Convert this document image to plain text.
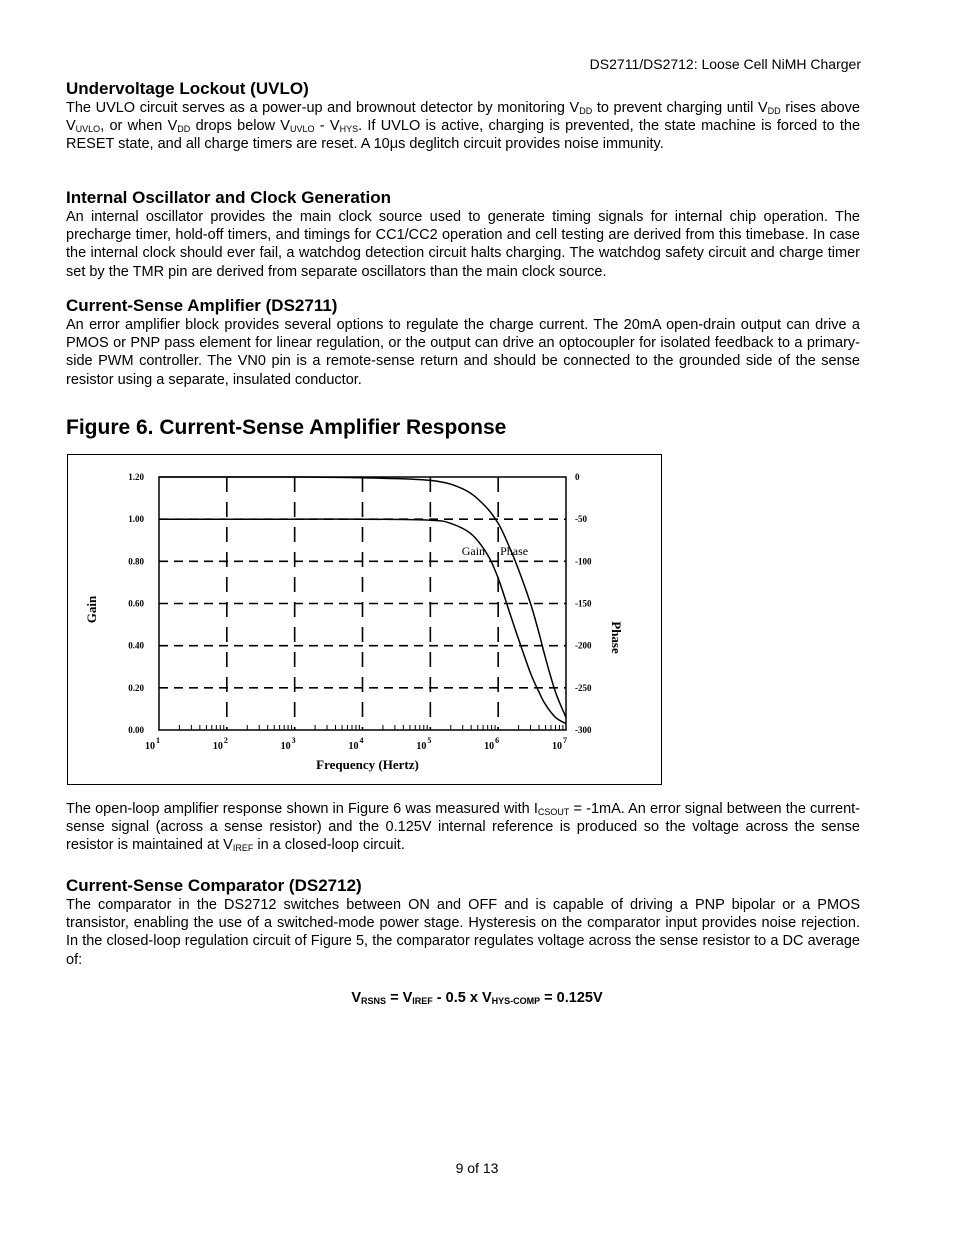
DS2711/DS2712: Loose Cell NiMH Charger
Undervoltage Lockout (UVLO)

The UVLO circuit serves as a power-up and brownout detector by monitoring $V_{DD}$ to prevent charging until $V_{DD}$ rises above $V_{UVLO}$, or when $V_{DD}$ drops below $V_{UVLO} - V_{HYS}$. If UVLO is active, charging is prevented, the state machine is forced to the RESET state, and all charge timers are reset. A 10μs deglitch circuit provides noise immunity.

Internal Oscillator and Clock Generation

An internal oscillator provides the main clock source used to generate timing signals for internal chip operation. The precharge timer, hold-off timers, and timings for CC1/CC2 operation and cell testing are derived from this timebase. In case the internal clock should ever fail, a watchdog detection circuit halts charging. The watchdog safety circuit and charge timer set by the TMR pin are derived from separate oscillators than the main clock source.

Current-Sense Amplifier (DS2711)

An error amplifier block provides several options to regulate the charge current. The 20mA open-drain output can drive a PMOS or PNP pass element for linear regulation, or the output can drive an optocoupler for isolated feedback to a primary-side PWM controller. The VN0 pin is a remote-sense return and should be connected to the grounded side of the sense resistor using a separate, insulated conductor.

Figure 6. Current-Sense Amplifier Response
10
1
10
2
10
3
10
4
10
5
10
6
10
7
0.00
0.20
0.40
0.60
0.80
1.00
1.20
-300
-250
-200
-150
-100
-50
0
Frequency (Hertz)
Gain
Phase
Gain Phase

The open-loop amplifier response shown in Figure 6 was measured with $I_{CSOUT} = -1mA$. An error signal between the current-sense signal (across a sense resistor) and the 0.125V internal reference is produced so the voltage across the sense resistor is maintained at $V_{IREF}$ in a closed-loop circuit.

Current-Sense Comparator (DS2712)

The comparator in the DS2712 switches between ON and OFF and is capable of driving a PNP bipolar or a PMOS transistor, enabling the use of a switched-mode power stage. Hysteresis on the comparator input provides noise rejection. In the closed-loop regulation circuit of Figure 5, the comparator regulates voltage across the sense resistor to a DC average of:

$V_{RSNS} = V_{IREF} - 0.5$ x $V_{HYS-COMP} = 0.125V$
9 of 13
